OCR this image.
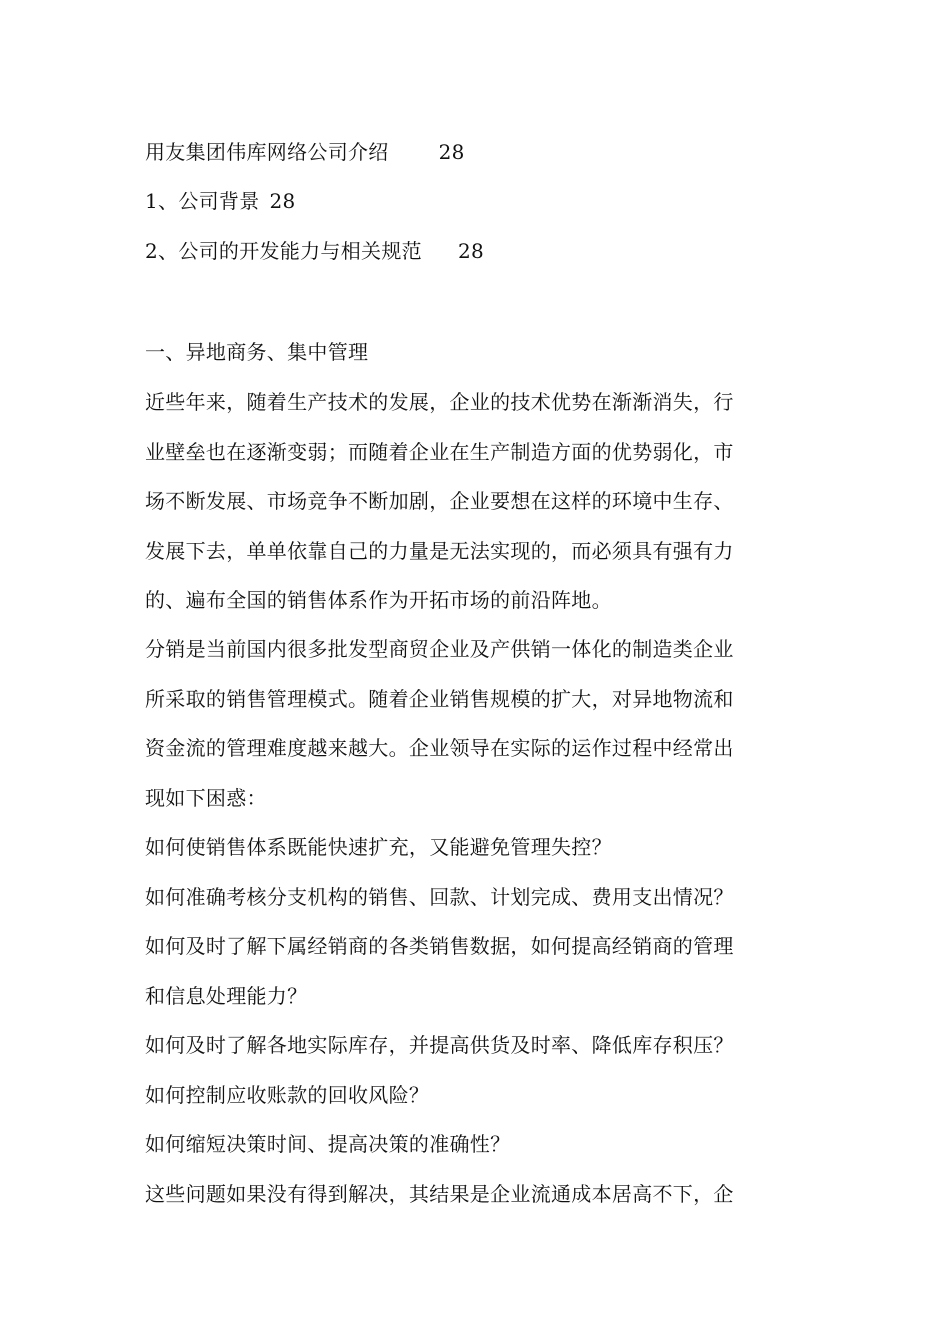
用友集团伟库网络公司介绍	28
1、公司背景 28
2、公司的开发能力与相关规范 28
一、异地商务、集中管理
近些年来，随着生产技术的发展，企业的技术优势在渐渐消失，行
业壁垒也在逐渐变弱；而随着企业在生产制造方面的优势弱化，市
场不断发展、市场竞争不断加剧，企业要想在这样的环境中生存、
发展下去，单单依靠自己的力量是无法实现的，而必须具有强有力
的、遍布全国的销售体系作为开拓市场的前沿阵地。
分销是当前国内很多批发型商贸企业及产供销一体化的制造类企业
所采取的销售管理模式。随着企业销售规模的扩大，对异地物流和
资金流的管理难度越来越大。企业领导在实际的运作过程中经常出
现如下困惑：
如何使销售体系既能快速扩充，又能避免管理失控？
如何准确考核分支机构的销售、回款、计划完成、费用支出情况？
如何及时了解下属经销商的各类销售数据，如何提高经销商的管理
和信息处理能力？
如何及时了解各地实际库存，并提高供货及时率、降低库存积压？
如何控制应收账款的回收风险？
如何缩短决策时间、提高决策的准确性？
这些问题如果没有得到解决，其结果是企业流通成本居高不下，企
